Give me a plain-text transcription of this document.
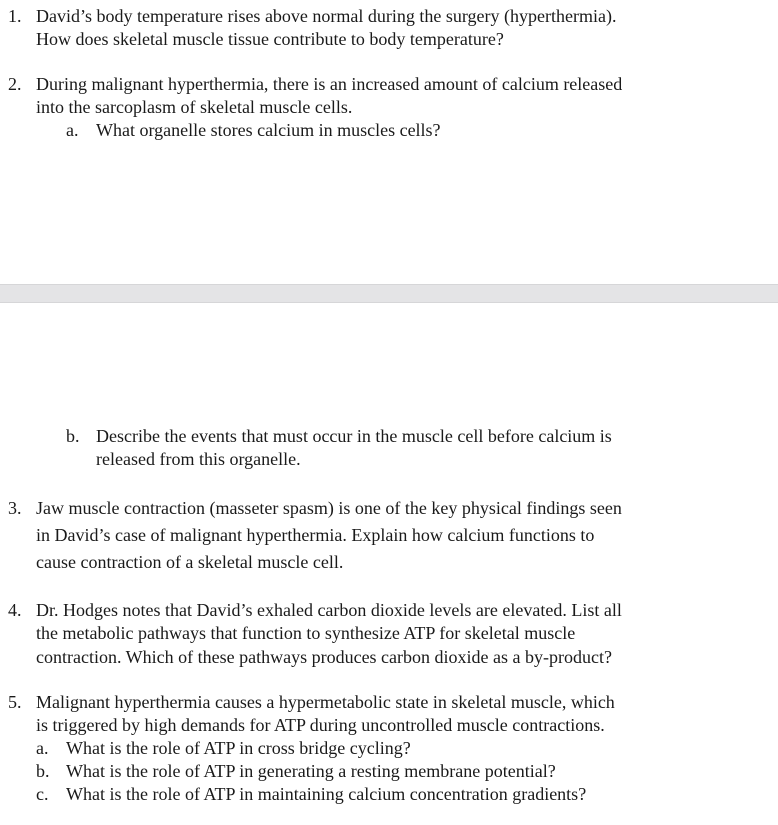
1. David’s body temperature rises above normal during the surgery (hyperthermia).
How does skeletal muscle tissue contribute to body temperature?
2. During malignant hyperthermia, there is an increased amount of calcium released
into the sarcoplasm of skeletal muscle cells.
a. What organelle stores calcium in muscles cells?
b. Describe the events that must occur in the muscle cell before calcium is
released from this organelle.
3. Jaw muscle contraction (masseter spasm) is one of the key physical findings seen
in David’s case of malignant hyperthermia. Explain how calcium functions to
cause contraction of a skeletal muscle cell.
4. Dr. Hodges notes that David’s exhaled carbon dioxide levels are elevated. List all
the metabolic pathways that function to synthesize ATP for skeletal muscle
contraction. Which of these pathways produces carbon dioxide as a by-product?
5. Malignant hyperthermia causes a hypermetabolic state in skeletal muscle, which
is triggered by high demands for ATP during uncontrolled muscle contractions.
a. What is the role of ATP in cross bridge cycling?
b. What is the role of ATP in generating a resting membrane potential?
c. What is the role of ATP in maintaining calcium concentration gradients?
